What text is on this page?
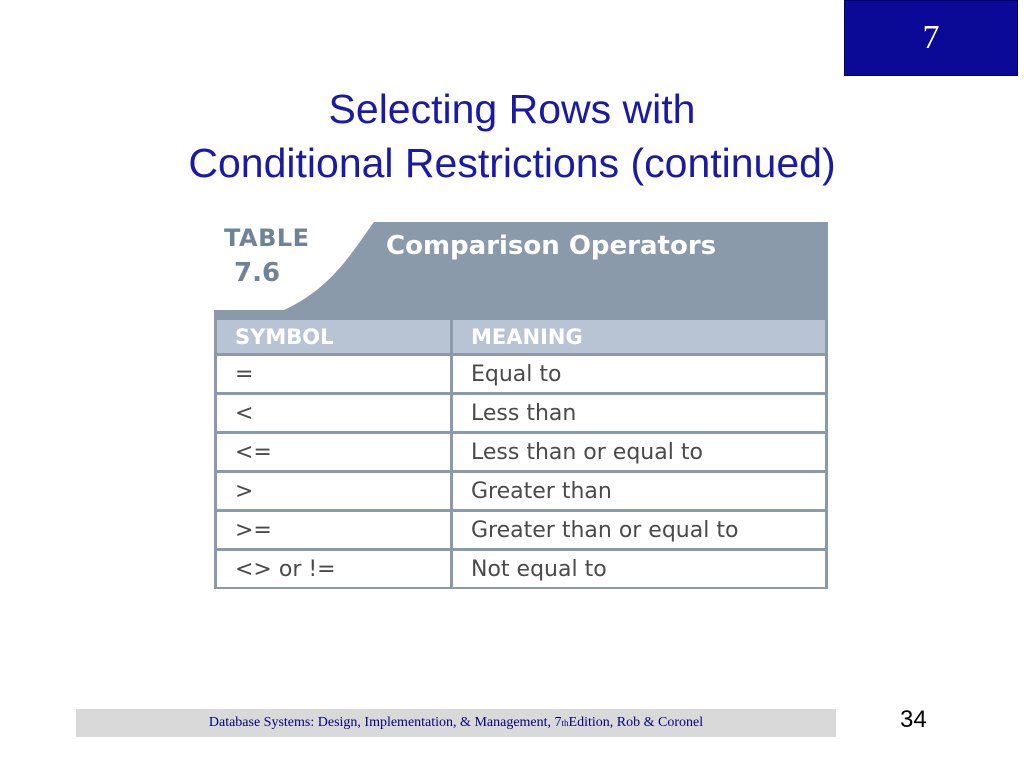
7
Selecting Rows with
Conditional Restrictions (continued)
TABLE
7.6
Comparison Operators
SYMBOL	MEANING
=	Equal to
<	Less than
<=	Less than or equal to
>	Greater than
>=	Greater than or equal to
<> or !=	Not equal to
Database Systems: Design, Implementation, & Management, 7 th Edition, Rob & Coronel	34
